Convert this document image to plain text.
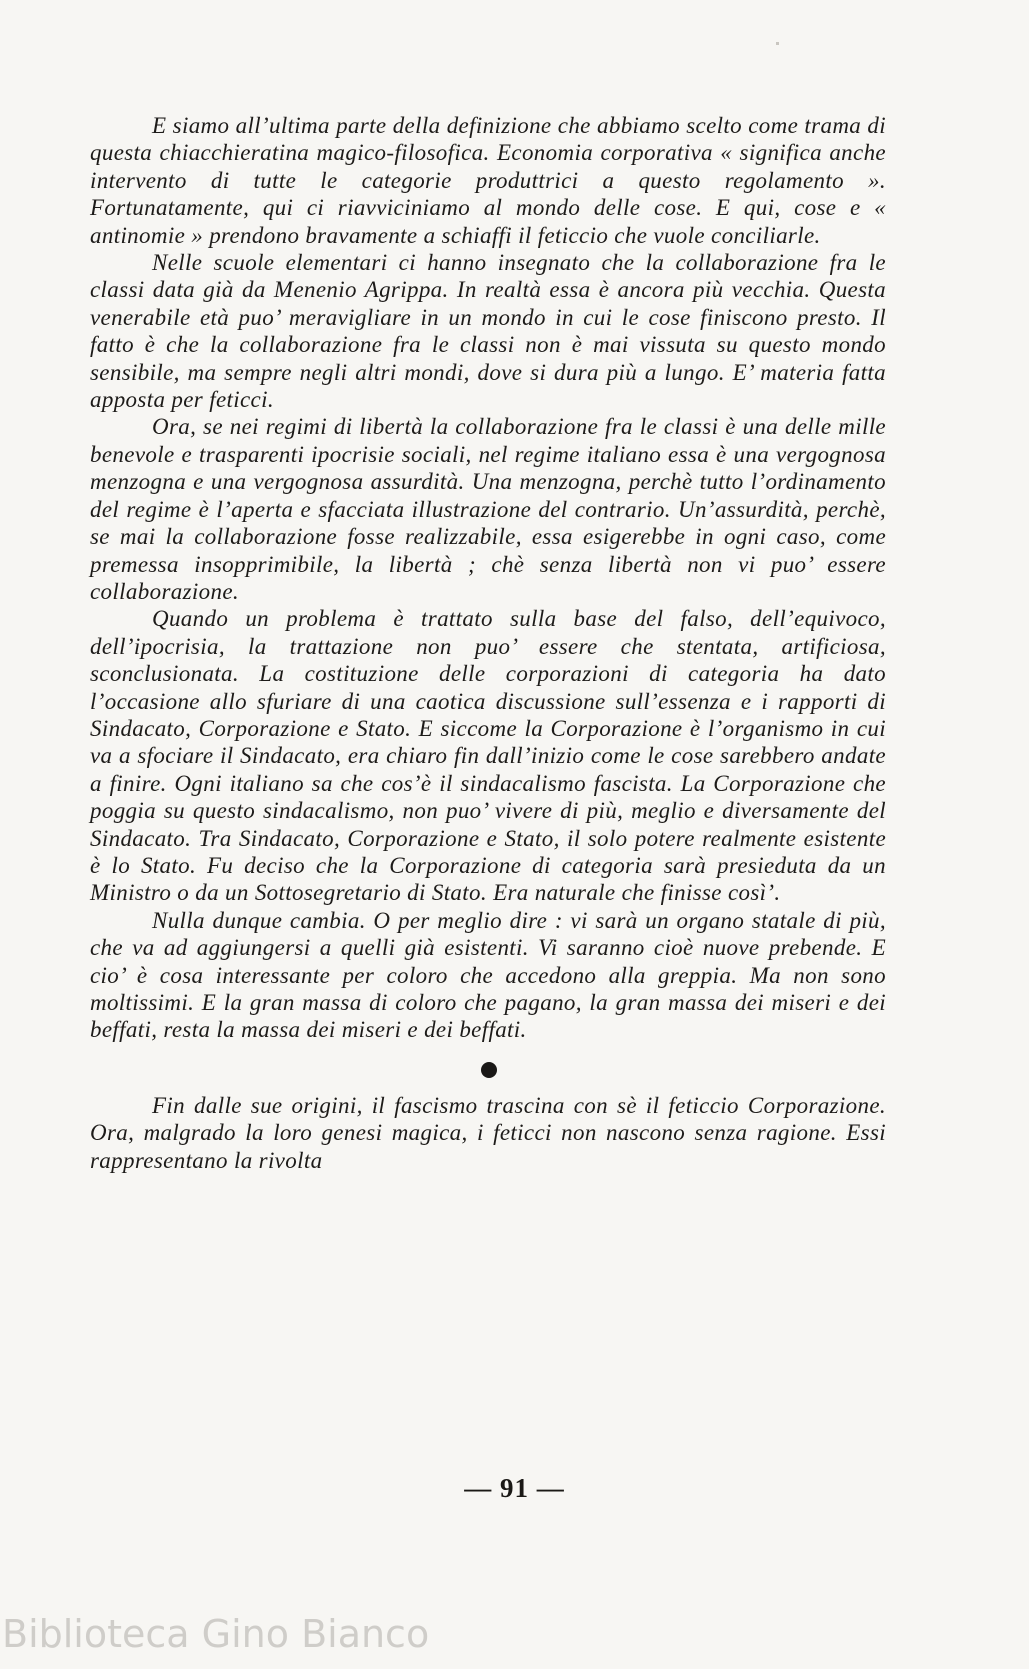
E siamo all’ultima parte della definizione che abbiamo scelto come trama di questa chiacchieratina magico-filosofica. Economia corporativa « significa anche intervento di tutte le categorie produttrici a questo regolamento ». Fortunatamente, qui ci riavviciniamo al mondo delle cose. E qui, cose e « antinomie » prendono bravamente a schiaffi il feticcio che vuole conciliarle.

Nelle scuole elementari ci hanno insegnato che la collaborazione fra le classi data già da Menenio Agrippa. In realtà essa è ancora più vecchia. Questa venerabile età puo’ meravigliare in un mondo in cui le cose finiscono presto. Il fatto è che la collaborazione fra le classi non è mai vissuta su questo mondo sensibile, ma sempre negli altri mondi, dove si dura più a lungo. E’ materia fatta apposta per feticci.

Ora, se nei regimi di libertà la collaborazione fra le classi è una delle mille benevole e trasparenti ipocrisie sociali, nel regime italiano essa è una vergognosa menzogna e una vergognosa assurdità. Una menzogna, perchè tutto l’ordinamento del regime è l’aperta e sfacciata illustrazione del contrario. Un’assurdità, perchè, se mai la collaborazione fosse realizzabile, essa esigerebbe in ogni caso, come premessa insopprimibile, la libertà ; chè senza libertà non vi puo’ essere collaborazione.

Quando un problema è trattato sulla base del falso, dell’equivoco, dell’ipocrisia, la trattazione non puo’ essere che stentata, artificiosa, sconclusionata. La costituzione delle corporazioni di categoria ha dato l’occasione allo sfuriare di una caotica discussione sull’essenza e i rapporti di Sindacato, Corporazione e Stato. E siccome la Corporazione è l’organismo in cui va a sfociare il Sindacato, era chiaro fin dall’inizio come le cose sarebbero andate a finire. Ogni italiano sa che cos’è il sindacalismo fascista. La Corporazione che poggia su questo sindacalismo, non puo’ vivere di più, meglio e diversamente del Sindacato. Tra Sindacato, Corporazione e Stato, il solo potere realmente esistente è lo Stato. Fu deciso che la Corporazione di categoria sarà presieduta da un Ministro o da un Sottosegretario di Stato. Era naturale che finisse così’.

Nulla dunque cambia. O per meglio dire : vi sarà un organo statale di più, che va ad aggiungersi a quelli già esistenti. Vi saranno cioè nuove prebende. E cio’ è cosa interessante per coloro che accedono alla greppia. Ma non sono moltissimi. E la gran massa di coloro che pagano, la gran massa dei miseri e dei beffati, resta la massa dei miseri e dei beffati.

Fin dalle sue origini, il fascismo trascina con sè il feticcio Corporazione. Ora, malgrado la loro genesi magica, i feticci non nascono senza ragione. Essi rappresentano la rivolta

— 91 —
Biblioteca Gino Bianco
